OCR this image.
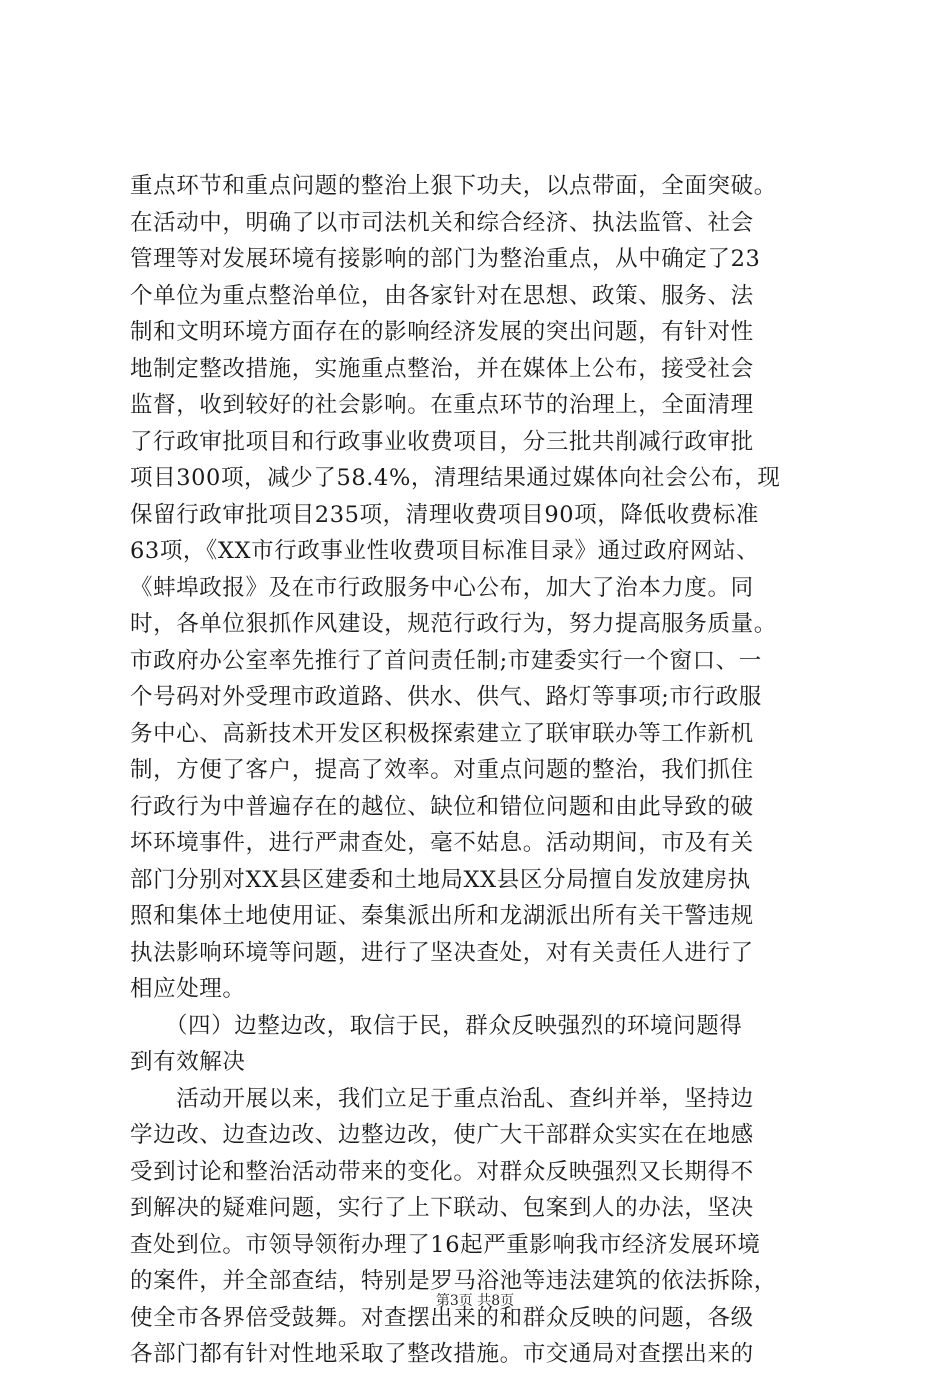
重点环节和重点问题的整治上狠下功夫，以点带面，全面突破。
在活动中，明确了以市司法机关和综合经济、执法监管、社会
管理等对发展环境有接影响的部门为整治重点，从中确定了23
个单位为重点整治单位，由各家针对在思想、政策、服务、法
制和文明环境方面存在的影响经济发展的突出问题，有针对性
地制定整改措施，实施重点整治，并在媒体上公布，接受社会
监督，收到较好的社会影响。在重点环节的治理上，全面清理
了行政审批项目和行政事业收费项目，分三批共削减行政审批
项目300项，减少了58.4%，清理结果通过媒体向社会公布，现
保留行政审批项目235项，清理收费项目90项，降低收费标准
63项，《XX市行政事业性收费项目标准目录》通过政府网站、
《蚌埠政报》及在市行政服务中心公布，加大了治本力度。同
时，各单位狠抓作风建设，规范行政行为，努力提高服务质量。
市政府办公室率先推行了首问责任制;市建委实行一个窗口、一
个号码对外受理市政道路、供水、供气、路灯等事项;市行政服
务中心、高新技术开发区积极探索建立了联审联办等工作新机
制，方便了客户，提高了效率。对重点问题的整治，我们抓住
行政行为中普遍存在的越位、缺位和错位问题和由此导致的破
坏环境事件，进行严肃查处，毫不姑息。活动期间，市及有关
部门分别对XX县区建委和土地局XX县区分局擅自发放建房执
照和集体土地使用证、秦集派出所和龙湖派出所有关干警违规
执法影响环境等问题，进行了坚决查处，对有关责任人进行了
相应处理。
　　（四）边整边改，取信于民，群众反映强烈的环境问题得
到有效解决
　　活动开展以来，我们立足于重点治乱、查纠并举，坚持边
学边改、边查边改、边整边改，使广大干部群众实实在在地感
受到讨论和整治活动带来的变化。对群众反映强烈又长期得不
到解决的疑难问题，实行了上下联动、包案到人的办法，坚决
查处到位。市领导领衔办理了16起严重影响我市经济发展环境
的案件，并全部查结，特别是罗马浴池等违法建筑的依法拆除，
使全市各界倍受鼓舞。对查摆出来的和群众反映的问题，各级
各部门都有针对性地采取了整改措施。市交通局对查摆出来的
第3页 共8页
